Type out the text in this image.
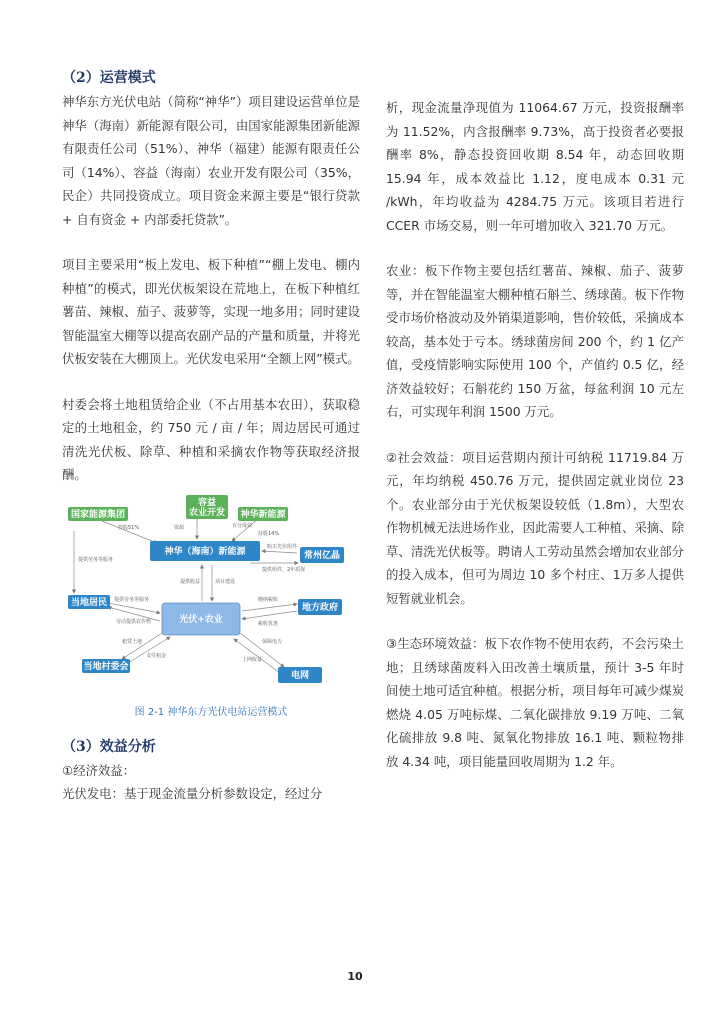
（2）运营模式

神华东方光伏电站（简称“神华”）项目建设运营单位是神华（海南）新能源有限公司，由国家能源集团新能源有限责任公司（51%）、神华（福建）能源有限责任公司（14%）、容益（海南）农业开发有限公司（35%，民企）共同投资成立。项目资金来源主要是“银行贷款 + 自有资金 + 内部委托贷款”。

项目主要采用“板上发电、板下种植”“棚上发电、棚内种植”的模式，即光伏板架设在荒地上，在板下种植红薯苗、辣椒、茄子、菠萝等，实现一地多用；同时建设智能温室大棚等以提高农副产品的产量和质量，并将光伏板安装在大棚顶上。光伏发电采用“全额上网”模式。

村委会将土地租赁给企业（不占用基本农田），获取稳定的土地租金，约 750 元 / 亩 / 年；周边居民可通过清洗光伏板、除草、种植和采摘农作物等获取经济报酬。

容益
农业开发
国家能源集团	神华新能源
神华（海南）新能源	常州亿晶
当地居民
光伏+农业
地方政府
当地村委会
电网
控股51%	资源	百分成效
持股14%
购买光伏组件
提供组件，2年质保
提供劳务等服务
劳动提供农作物
提供收益	项目建设
缴纳税收
税收优惠
租赁土地
支付租金
保障电力
上网收益
提供劳务等服务
图 2-1 神华东方光伏电站运营模式

（3）效益分析

①经济效益：

光伏发电：基于现金流量分析参数设定，经过分

析，现金流量净现值为 11064.67 万元，投资报酬率为 11.52%，内含报酬率 9.73%，高于投资者必要报酬率 8%，静态投资回收期 8.54 年，动态回收期 15.94 年，成本效益比 1.12，度电成本 0.31 元 /kWh，年均收益为 4284.75 万元。该项目若进行 CCER 市场交易，则一年可增加收入 321.70 万元。

农业：板下作物主要包括红薯苗、辣椒、茄子、菠萝等，并在智能温室大棚种植石斛兰、绣球菌。板下作物受市场价格波动及外销渠道影响，售价较低，采摘成本较高，基本处于亏本。绣球菌房间 200 个，约 1 亿产值，受疫情影响实际使用 100 个，产值约 0.5 亿，经济效益较好；石斛花约 150 万盆，每盆利润 10 元左右，可实现年利润 1500 万元。

②社会效益：项目运营期内预计可纳税 11719.84 万元，年均纳税 450.76 万元，提供固定就业岗位 23 个。农业部分由于光伏板架设较低（1.8m），大型农作物机械无法进场作业，因此需要人工种植、采摘、除草、清洗光伏板等。聘请人工劳动虽然会增加农业部分的投入成本，但可为周边 10 多个村庄、1万多人提供短暂就业机会。

③生态环境效益：板下农作物不使用农药，不会污染土地；且绣球菌废料入田改善土壤质量，预计 3-5 年时间使土地可适宜种植。根据分析，项目每年可减少煤炭燃烧 4.05 万吨标煤、二氧化碳排放 9.19 万吨、二氧化硫排放 9.8 吨、氮氧化物排放 16.1 吨、颗粒物排放 4.34 吨，项目能量回收周期为 1.2 年。

10
